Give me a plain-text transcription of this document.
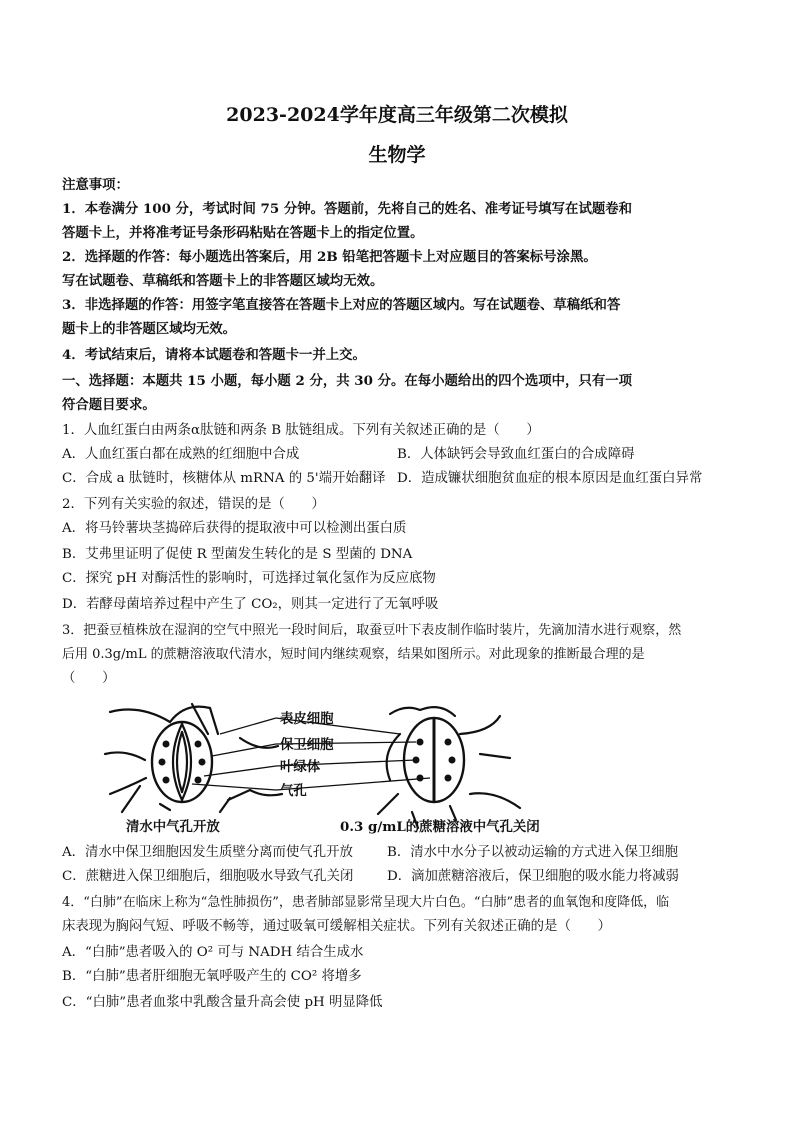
2023-2024学年度高三年级第二次模拟
生物学
注意事项：
1．本卷满分 100 分，考试时间 75 分钟。答题前，先将自己的姓名、准考证号填写在试题卷和
答题卡上，并将准考证号条形码粘贴在答题卡上的指定位置。
2．选择题的作答：每小题选出答案后，用 2B 铅笔把答题卡上对应题目的答案标号涂黑。
写在试题卷、草稿纸和答题卡上的非答题区域均无效。
3．非选择题的作答：用签字笔直接答在答题卡上对应的答题区域内。写在试题卷、草稿纸和答
题卡上的非答题区域均无效。
4．考试结束后，请将本试题卷和答题卡一并上交。
一、选择题：本题共 15 小题，每小题 2 分，共 30 分。在每小题给出的四个选项中，只有一项
符合题目要求。
1．人血红蛋白由两条α肽链和两条 B 肽链组成。下列有关叙述正确的是（　　）
A．人血红蛋白都在成熟的红细胞中合成	B．人体缺钙会导致血红蛋白的合成障碍
C．合成 a 肽链时，核糖体从 mRNA 的 5'端开始翻译 D．造成镰状细胞贫血症的根本原因是血红蛋白异常
2．下列有关实验的叙述，错误的是（　　）
A．将马铃薯块茎捣碎后获得的提取液中可以检测出蛋白质
B．艾弗里证明了促使 R 型菌发生转化的是 S 型菌的 DNA
C．探究 pH 对酶活性的影响时，可选择过氧化氢作为反应底物
D．若酵母菌培养过程中产生了 CO₂，则其一定进行了无氧呼吸
3．把蚕豆植株放在湿润的空气中照光一段时间后，取蚕豆叶下表皮制作临时装片，先滴加清水进行观察，然
后用 0.3g/mL 的蔗糖溶液取代清水，短时间内继续观察，结果如图所示。对此现象的推断最合理的是
（　　）
表皮细胞
保卫细胞
叶绿体
气孔
清水中气孔开放	0.3 g/mL的蔗糖溶液中气孔关闭
A．清水中保卫细胞因发生质壁分离而使气孔开放	B．清水中水分子以被动运输的方式进入保卫细胞
C．蔗糖进入保卫细胞后，细胞吸水导致气孔关闭	D．滴加蔗糖溶液后，保卫细胞的吸水能力将减弱
4．“白肺”在临床上称为“急性肺损伤”，患者肺部显影常呈现大片白色。“白肺”患者的血氧饱和度降低，临
床表现为胸闷气短、呼吸不畅等，通过吸氧可缓解相关症状。下列有关叙述正确的是（　　）
A．“白肺”患者吸入的 O² 可与 NADH 结合生成水
B．“白肺”患者肝细胞无氧呼吸产生的 CO² 将增多
C．“白肺”患者血浆中乳酸含量升高会使 pH 明显降低
